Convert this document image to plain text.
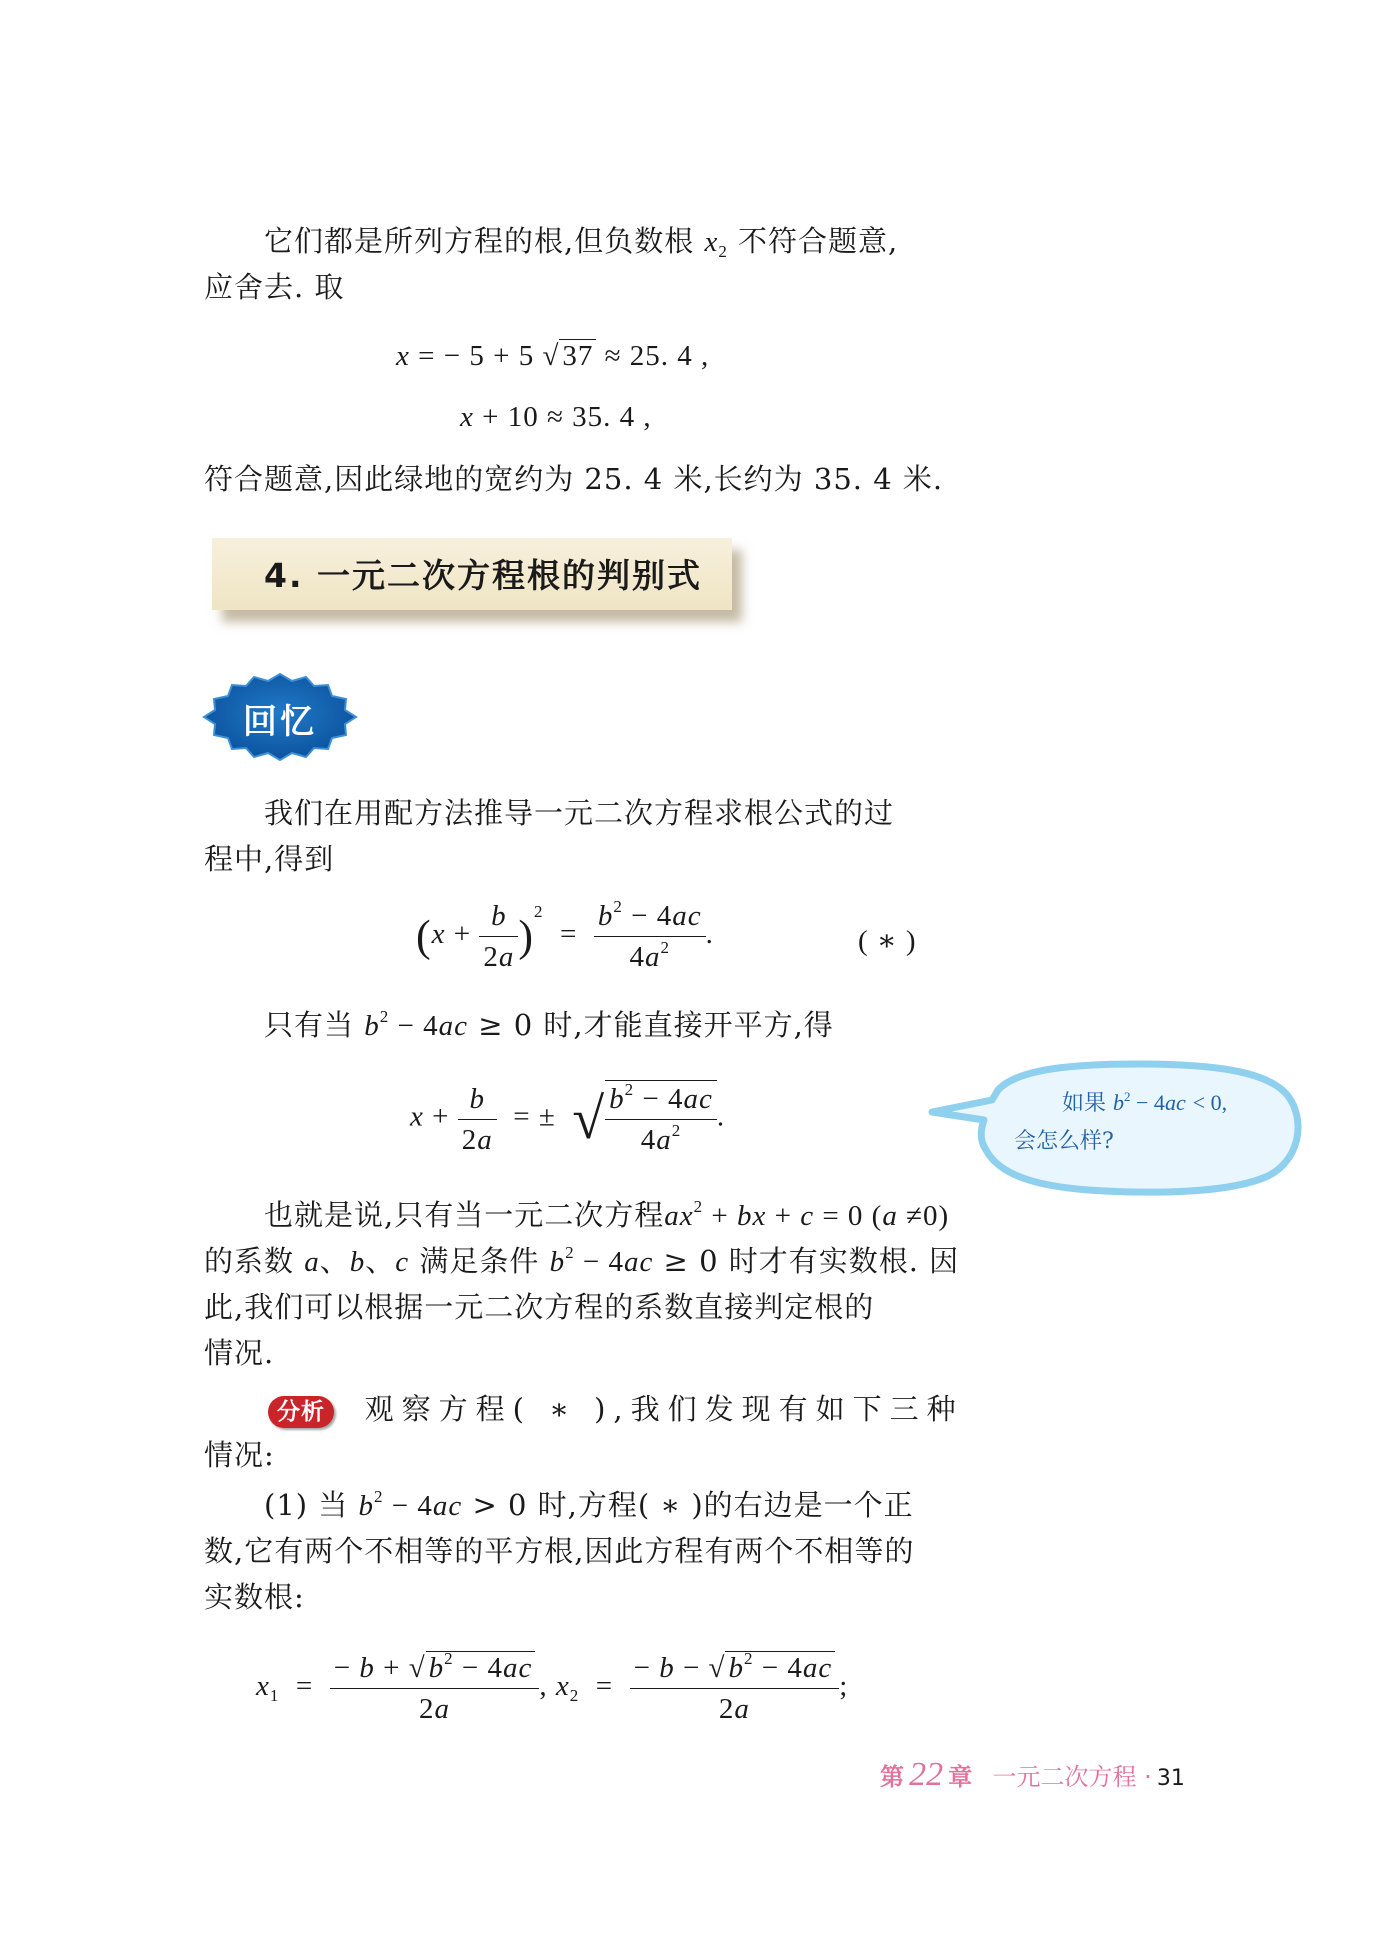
它们都是所列方程的根,但负数根 $x_2$ 不符合题意,
应舍去. 取
x = − 5 + 5 √ 37 ≈ 25. 4 ,
x + 10 ≈ 35. 4 ,
符合题意,因此绿地的宽约为 25. 4 米,长约为 35. 4 米.
4. 一元二次方程根的判别式
回忆
我们在用配方法推导一元二次方程求根公式的过
程中,得到
$(x + \frac{b}{2a} )^2 = \frac{b^2 - 4ac}{4a^2}$ .	( ∗ )
只有当 $b^2 - 4ac \ge 0$ 时,才能直接开平方,得
$x + \frac{b}{2a}$ = ±  √ $\frac{b^2 - 4ac}{4a^2}$ .	如果 $b^2 - 4ac < 0$,
会怎么样?
也就是说,只有当一元二次方程$ax^2$ + bx + c = 0 (a ≠0)
的系数 a、b、c 满足条件 $b^2 - 4ac \ge 0$ 时才有实数根. 因
此,我们可以根据一元二次方程的系数直接判定根的
情况.
分析 观察方程( ∗ ),我们发现有如下三种
情况:
(1) 当 $b^2 - 4ac > 0$ 时,方程( ∗ )的右边是一个正
数,它有两个不相等的平方根,因此方程有两个不相等的
实数根:
$x_1 = \frac{- b + √ b^2 - 4ac}{2a}$ , $x_2 = \frac{- b - √ b^2 - 4ac}{2a}$ ;
第 22 章 一元二次方程 · 31
